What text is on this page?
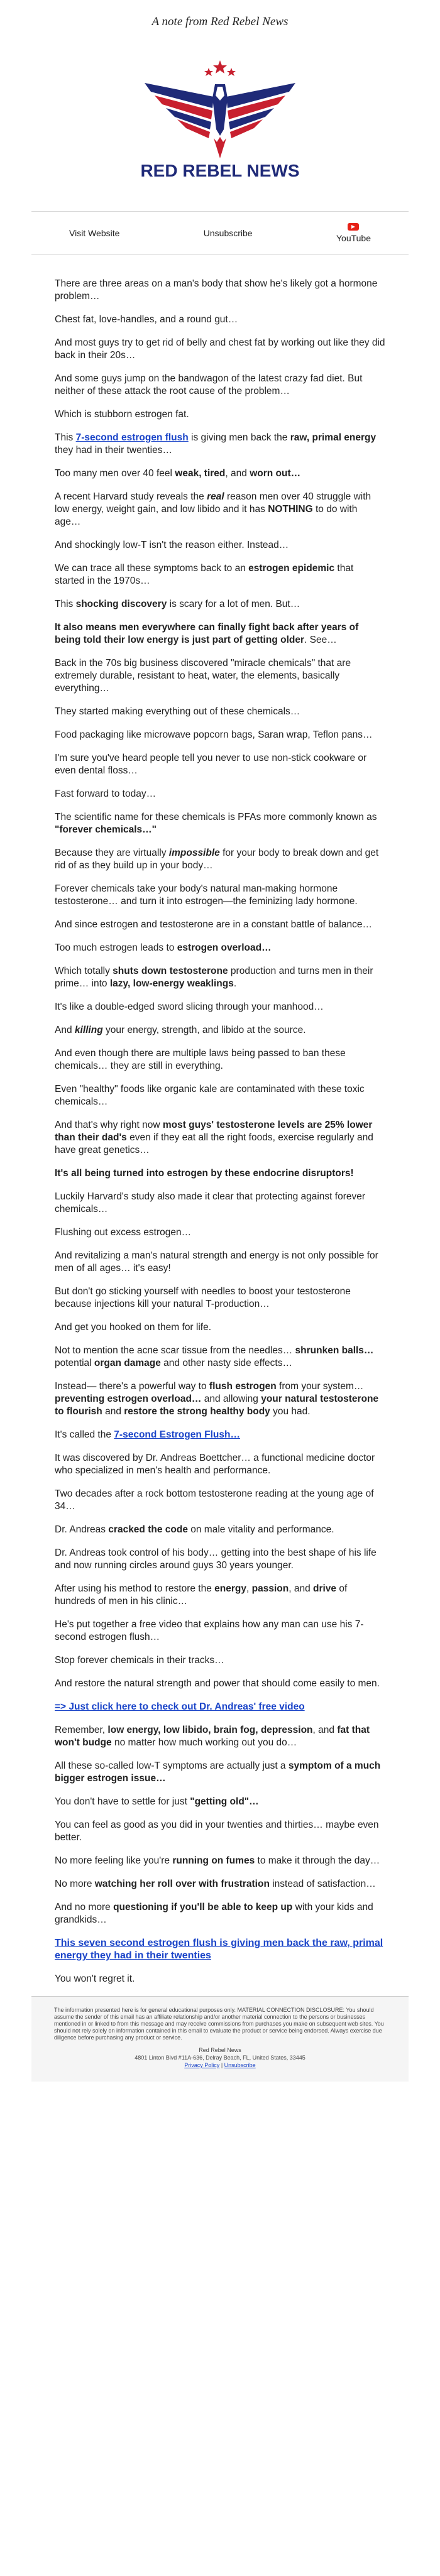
A note from Red Rebel News
RED REBEL NEWS
Visit Website	Unsubscribe	YouTube

There are three areas on a man's body that show he's likely got a hormone problem…

Chest fat, love-handles, and a round gut…

And most guys try to get rid of belly and chest fat by working out like they did back in their 20s…

And some guys jump on the bandwagon of the latest crazy fad diet. But neither of these attack the root cause of the problem…

Which is stubborn estrogen fat.

This 7-second estrogen flush is giving men back the raw, primal energy they had in their twenties…

Too many men over 40 feel weak, tired, and worn out…

A recent Harvard study reveals the real reason men over 40 struggle with low energy, weight gain, and low libido and it has NOTHING to do with age…

And shockingly low-T isn't the reason either. Instead…

We can trace all these symptoms back to an estrogen epidemic that started in the 1970s…

This shocking discovery is scary for a lot of men. But…

It also means men everywhere can finally fight back after years of being told their low energy is just part of getting older. See…

Back in the 70s big business discovered "miracle chemicals" that are extremely durable, resistant to heat, water, the elements, basically everything…

They started making everything out of these chemicals…

Food packaging like microwave popcorn bags, Saran wrap, Teflon pans…

I'm sure you've heard people tell you never to use non-stick cookware or even dental floss…

Fast forward to today…

The scientific name for these chemicals is PFAs more commonly known as "forever chemicals…"

Because they are virtually impossible for your body to break down and get rid of as they build up in your body…

Forever chemicals take your body's natural man-making hormone testosterone… and turn it into estrogen—the feminizing lady hormone.

And since estrogen and testosterone are in a constant battle of balance…

Too much estrogen leads to estrogen overload…

Which totally shuts down testosterone production and turns men in their prime… into lazy, low-energy weaklings.

It's like a double-edged sword slicing through your manhood…

And killing your energy, strength, and libido at the source.

And even though there are multiple laws being passed to ban these chemicals… they are still in everything.

Even "healthy" foods like organic kale are contaminated with these toxic chemicals…

And that's why right now most guys' testosterone levels are 25% lower than their dad's even if they eat all the right foods, exercise regularly and have great genetics…

It's all being turned into estrogen by these endocrine disruptors!

Luckily Harvard's study also made it clear that protecting against forever chemicals…

Flushing out excess estrogen…

And revitalizing a man's natural strength and energy is not only possible for men of all ages… it's easy!

But don't go sticking yourself with needles to boost your testosterone because injections kill your natural T-production…

And get you hooked on them for life.

Not to mention the acne scar tissue from the needles… shrunken balls… potential organ damage and other nasty side effects…

Instead— there's a powerful way to flush estrogen from your system… preventing estrogen overload… and allowing your natural testosterone to flourish and restore the strong healthy body you had.

It's called the 7-second Estrogen Flush…

It was discovered by Dr. Andreas Boettcher… a functional medicine doctor who specialized in men's health and performance.

Two decades after a rock bottom testosterone reading at the young age of 34…

Dr. Andreas cracked the code on male vitality and performance.

Dr. Andreas took control of his body… getting into the best shape of his life and now running circles around guys 30 years younger.

After using his method to restore the energy, passion, and drive of hundreds of men in his clinic…

He's put together a free video that explains how any man can use his 7-second estrogen flush…

Stop forever chemicals in their tracks…

And restore the natural strength and power that should come easily to men.

=> Just click here to check out Dr. Andreas' free video

Remember, low energy, low libido, brain fog, depression, and fat that won't budge no matter how much working out you do…

All these so-called low-T symptoms are actually just a symptom of a much bigger estrogen issue…

You don't have to settle for just "getting old"…

You can feel as good as you did in your twenties and thirties… maybe even better.

No more feeling like you're running on fumes to make it through the day…

No more watching her roll over with frustration instead of satisfaction…

And no more questioning if you'll be able to keep up with your kids and grandkids…

This seven second estrogen flush is giving men back the raw, primal energy they had in their twenties

You won't regret it.

The information presented here is for general educational purposes only. MATERIAL CONNECTION DISCLOSURE: You should assume the sender of this email has an affiliate relationship and/or another material connection to the persons or businesses mentioned in or linked to from this message and may receive commissions from purchases you make on subsequent web sites. You should not rely solely on information contained in this email to evaluate the product or service being endorsed. Always exercise due diligence before purchasing any product or service.
Red Rebel News
4801 Linton Blvd #11A-636, Delray Beach, FL, United States, 33445
Privacy Policy | Unsubscribe
